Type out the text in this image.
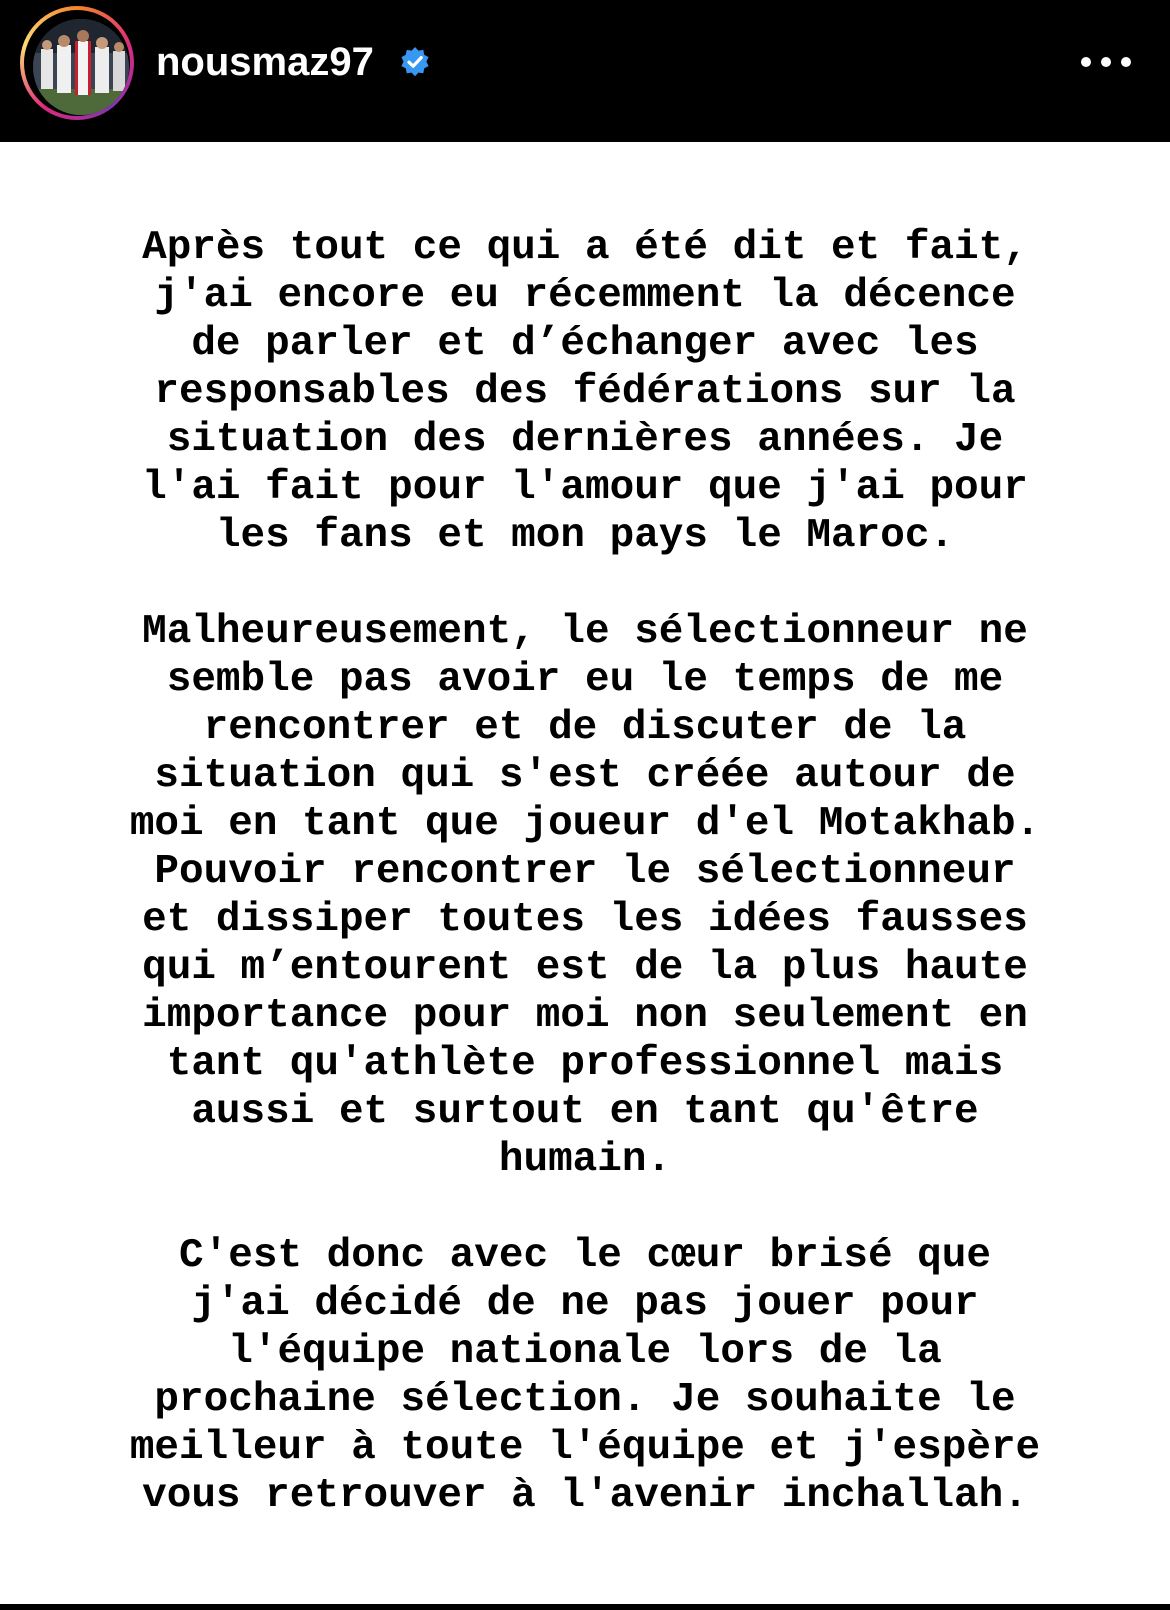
nousmaz97

Après tout ce qui a été dit et fait,
j'ai encore eu récemment la décence
de parler et d’échanger avec les
responsables des fédérations sur la
situation des dernières années. Je
l'ai fait pour l'amour que j'ai pour
les fans et mon pays le Maroc.

Malheureusement, le sélectionneur ne
semble pas avoir eu le temps de me
rencontrer et de discuter de la
situation qui s'est créée autour de
moi en tant que joueur d'el Motakhab.
Pouvoir rencontrer le sélectionneur
et dissiper toutes les idées fausses
qui m’entourent est de la plus haute
importance pour moi non seulement en
tant qu'athlète professionnel mais
aussi et surtout en tant qu'être
humain.

C'est donc avec le cœur brisé que
j'ai décidé de ne pas jouer pour
l'équipe nationale lors de la
prochaine sélection. Je souhaite le
meilleur à toute l'équipe et j'espère
vous retrouver à l'avenir inchallah.
